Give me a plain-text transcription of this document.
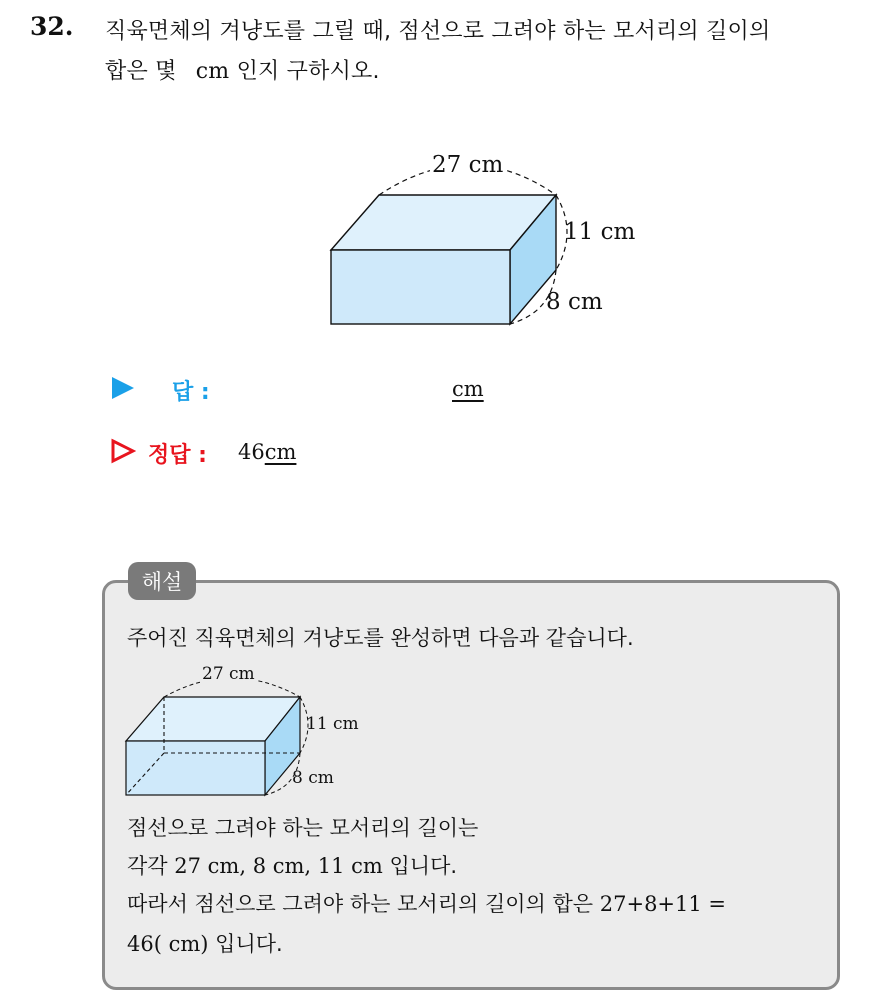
32. 직육면체의 겨냥도를 그릴 때, 점선으로 그려야 하는 모서리의 길이의
합은 몇 cm 인지 구하시오.
27 cm
11 cm
8 cm
답 :	cm
정답 : 46cm
해설
주어진 직육면체의 겨냥도를 완성하면 다음과 같습니다.
27 cm
11 cm
8 cm
점선으로 그려야 하는 모서리의 길이는
각각 27 cm, 8 cm, 11 cm 입니다.
따라서 점선으로 그려야 하는 모서리의 길이의 합은 27+8+11 =
46( cm) 입니다.
